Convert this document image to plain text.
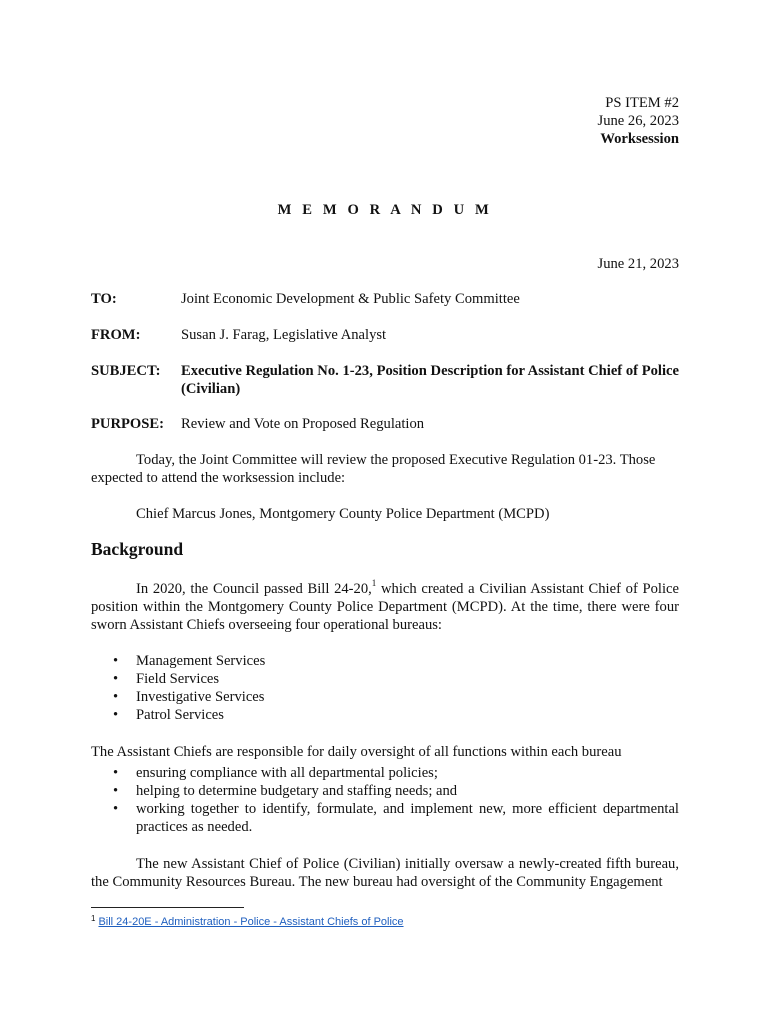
PS ITEM #2
June 26, 2023
Worksession
M E M O R A N D U M
June 21, 2023
TO:	Joint Economic Development & Public Safety Committee
FROM:	Susan J. Farag, Legislative Analyst
SUBJECT: Executive Regulation No. 1-23, Position Description for Assistant Chief of Police (Civilian)
PURPOSE: Review and Vote on Proposed Regulation
Today, the Joint Committee will review the proposed Executive Regulation 01-23. Those expected to attend the worksession include:
Chief Marcus Jones, Montgomery County Police Department (MCPD)
Background
In 2020, the Council passed Bill 24-20,$^1$ which created a Civilian Assistant Chief of Police position within the Montgomery County Police Department (MCPD). At the time, there were four sworn Assistant Chiefs overseeing four operational bureaus:
• Management Services
• Field Services
• Investigative Services
• Patrol Services
The Assistant Chiefs are responsible for daily oversight of all functions within each bureau
• ensuring compliance with all departmental policies;
• helping to determine budgetary and staffing needs; and
• working together to identify, formulate, and implement new, more efficient departmental practices as needed.
The new Assistant Chief of Police (Civilian) initially oversaw a newly-created fifth bureau, the Community Resources Bureau. The new bureau had oversight of the Community Engagement
$^1$ Bill 24-20E - Administration - Police - Assistant Chiefs of Police
